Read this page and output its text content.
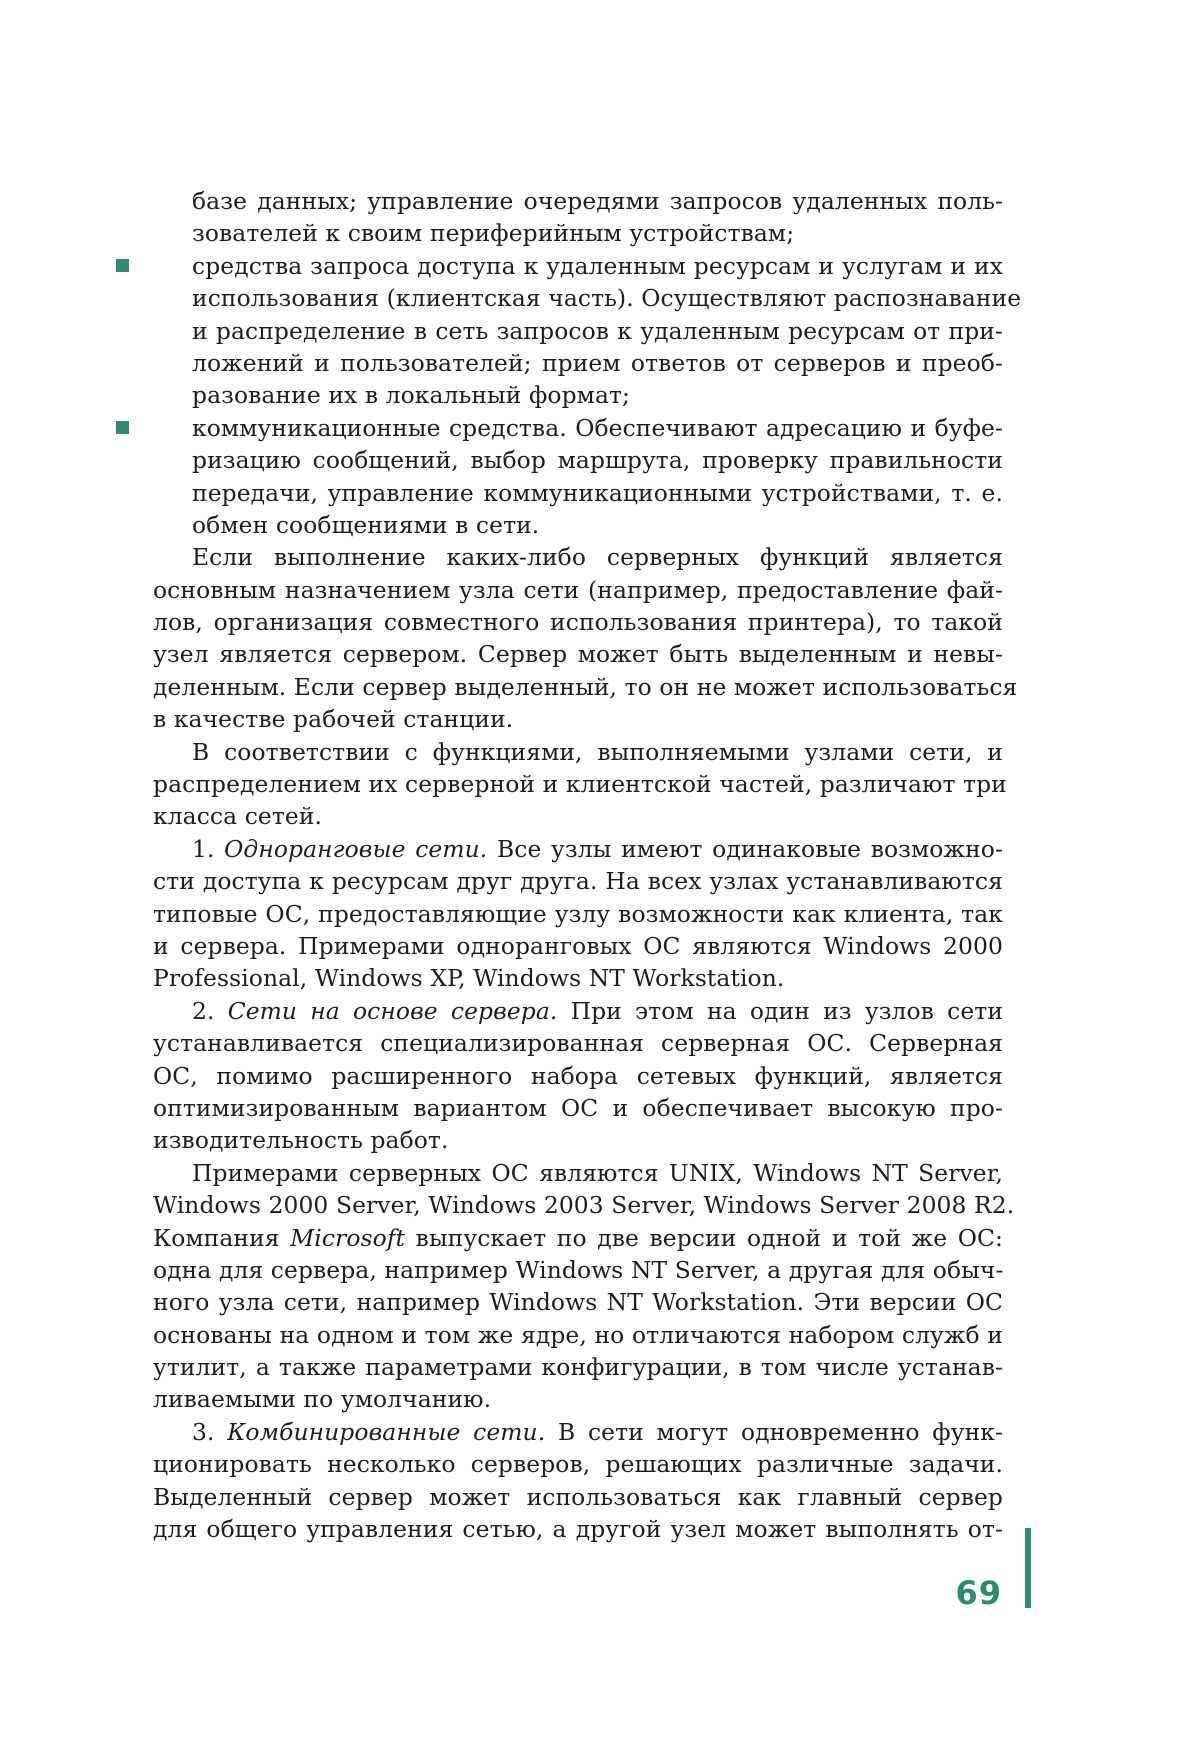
базе данных; управление очередями запросов удаленных поль-
зователей к своим периферийным устройствам;
средства запроса доступа к удаленным ресурсам и услугам и их
использования (клиентская часть). Осуществляют распознавание
и распределение в сеть запросов к удаленным ресурсам от при-
ложений и пользователей; прием ответов от серверов и преоб-
разование их в локальный формат;
коммуникационные средства. Обеспечивают адресацию и буфе-
ризацию сообщений, выбор маршрута, проверку правильности
передачи, управление коммуникационными устройствами, т. е.
обмен сообщениями в сети.
Если выполнение каких-либо серверных функций является
основным назначением узла сети (например, предоставление фай-
лов, организация совместного использования принтера), то такой
узел является сервером. Сервер может быть выделенным и невы-
деленным. Если сервер выделенный, то он не может использоваться
в качестве рабочей станции.
В соответствии с функциями, выполняемыми узлами сети, и
распределением их серверной и клиентской частей, различают три
класса сетей.
1. Одноранговые сети. Все узлы имеют одинаковые возможно-
сти доступа к ресурсам друг друга. На всех узлах устанавливаются
типовые ОС, предоставляющие узлу возможности как клиента, так
и сервера. Примерами одноранговых ОС являются Windows 2000
Professional, Windows XP, Windows NT Workstation.
2. Сети на основе сервера. При этом на один из узлов сети
устанавливается специализированная серверная ОС. Серверная
ОС, помимо расширенного набора сетевых функций, является
оптимизированным вариантом ОС и обеспечивает высокую про-
изводительность работ.
Примерами серверных ОС являются UNIX, Windows NT Server,
Windows 2000 Server, Windows 2003 Server, Windows Server 2008 R2.
Компания Microsoft выпускает по две версии одной и той же ОС:
одна для сервера, например Windows NT Server, а другая для обыч-
ного узла сети, например Windows NT Workstation. Эти версии ОС
основаны на одном и том же ядре, но отличаются набором служб и
утилит, а также параметрами конфигурации, в том числе устанав-
ливаемыми по умолчанию.
3. Комбинированные сети. В сети могут одновременно функ-
ционировать несколько серверов, решающих различные задачи.
Выделенный сервер может использоваться как главный сервер
для общего управления сетью, а другой узел может выполнять от-
69
